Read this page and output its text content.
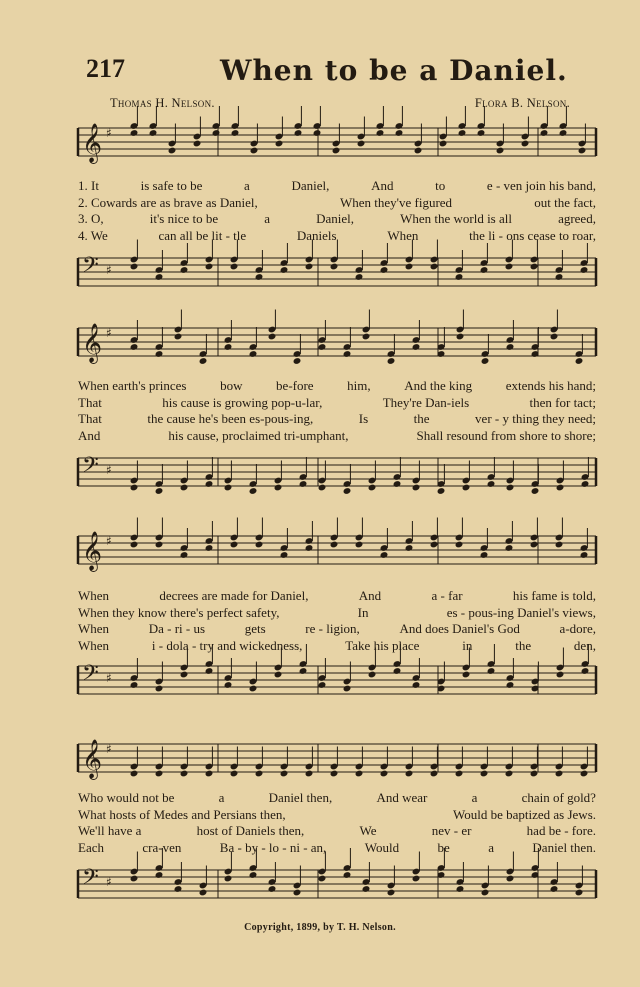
217	When to be a Daniel.
Thomas H. Nelson.	Flora B. Nelson.
𝄞 ♯
1. It	is safe to be	a	Daniel,	And	to	e - ven join his band,
2. Cowards are as brave as Daniel,	When they've figured	out the fact,
3. O,	it's nice to be	a	Daniel,	When the world is all	agreed,
4. We	can all be lit - tle	Daniels	When	the li - ons cease to roar,
𝄢 ♯
𝄞 ♯
When earth's princes	bow	be-fore	him,	And the king	extends his hand;
That	his cause is growing pop-u-lar,	They're Dan-iels	then for tact;
That	the cause he's been es-pous-ing,	Is	the	ver - y thing they need;
And	his cause, proclaimed tri-umphant,	Shall resound from shore to shore;
𝄢 ♯
𝄞 ♯
When	decrees are made for Daniel,	And	a - far	his fame is told,
When they know there's perfect safety,	In	es - pous-ing Daniel's views,
When	Da - ri - us	gets	re - ligion,	And does Daniel's God	a-dore,
When	i - dola - try and wickedness,	Take his place	in	the	den,
𝄢 ♯
𝄞 ♯
Who would not be	a	Daniel then,	And wear	a	chain of gold?
What hosts of Medes and Persians then,	Would be baptized as Jews.
We'll have a	host of Daniels then,	We	nev - er	had be - fore.
Each	cra-ven	Ba - by - lo - ni - an,	Would	be	a	Daniel then.
𝄢 ♯
Copyright, 1899, by T. H. Nelson.
